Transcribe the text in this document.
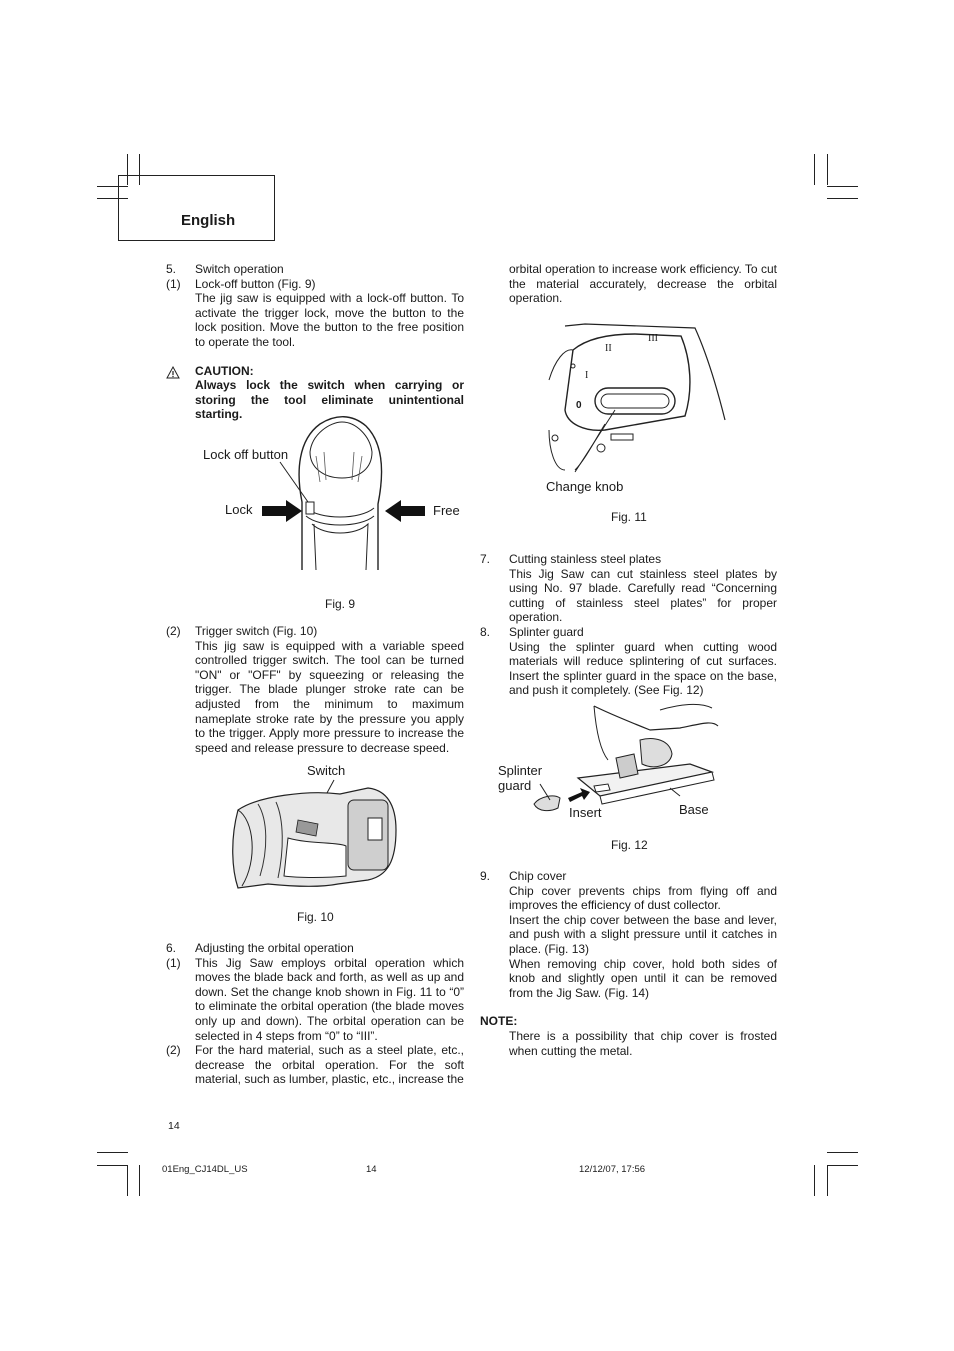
English
5. Switch operation
(1) Lock-off button (Fig. 9)
The jig saw is equipped with a lock-off button. To activate the trigger lock, move the button to the lock position. Move the button to the free position to operate the tool.
CAUTION:
Always lock the switch when carrying or storing the tool eliminate unintentional starting.
Lock off button
Lock	Free
Fig. 9
(2) Trigger switch (Fig. 10)
This jig saw is equipped with a variable speed controlled trigger switch. The tool can be turned "ON" or "OFF" by squeezing or releasing the trigger. The blade plunger stroke rate can be adjusted from the minimum to maximum nameplate stroke rate by the pressure you apply to the trigger. Apply more pressure to increase the speed and release pressure to decrease speed.
Switch
Fig. 10
6. Adjusting the orbital operation
(1) This Jig Saw employs orbital operation which moves the blade back and forth, as well as up and down. Set the change knob shown in Fig. 11 to “0” to eliminate the orbital operation (the blade moves only up and down). The orbital operation can be selected in 4 steps from “0” to “III”.
(2) For the hard material, such as a steel plate, etc., decrease the orbital operation. For the soft material, such as lumber, plastic, etc., increase the
orbital operation to increase work efficiency. To cut the material accurately, decrease the orbital operation.
II
III
I
0
Change knob
Fig. 11
7. Cutting stainless steel plates
This Jig Saw can cut stainless steel plates by using No. 97 blade. Carefully read “Concerning cutting of stainless steel plates” for proper operation.
8. Splinter guard
Using the splinter guard when cutting wood materials will reduce splintering of cut surfaces. Insert the splinter guard in the space on the base, and push it completely. (See Fig. 12)
Splinter
guard
Insert	Base
Fig. 12
9. Chip cover
Chip cover prevents chips from flying off and improves the efficiency of dust collector.
Insert the chip cover between the base and lever, and push with a slight pressure until it catches in place. (Fig. 13)
When removing chip cover, hold both sides of knob and slightly open until it can be removed from the Jig Saw. (Fig. 14)
NOTE:
There is a possibility that chip cover is frosted when cutting the metal.
14
01Eng_CJ14DL_US	14	12/12/07, 17:56
